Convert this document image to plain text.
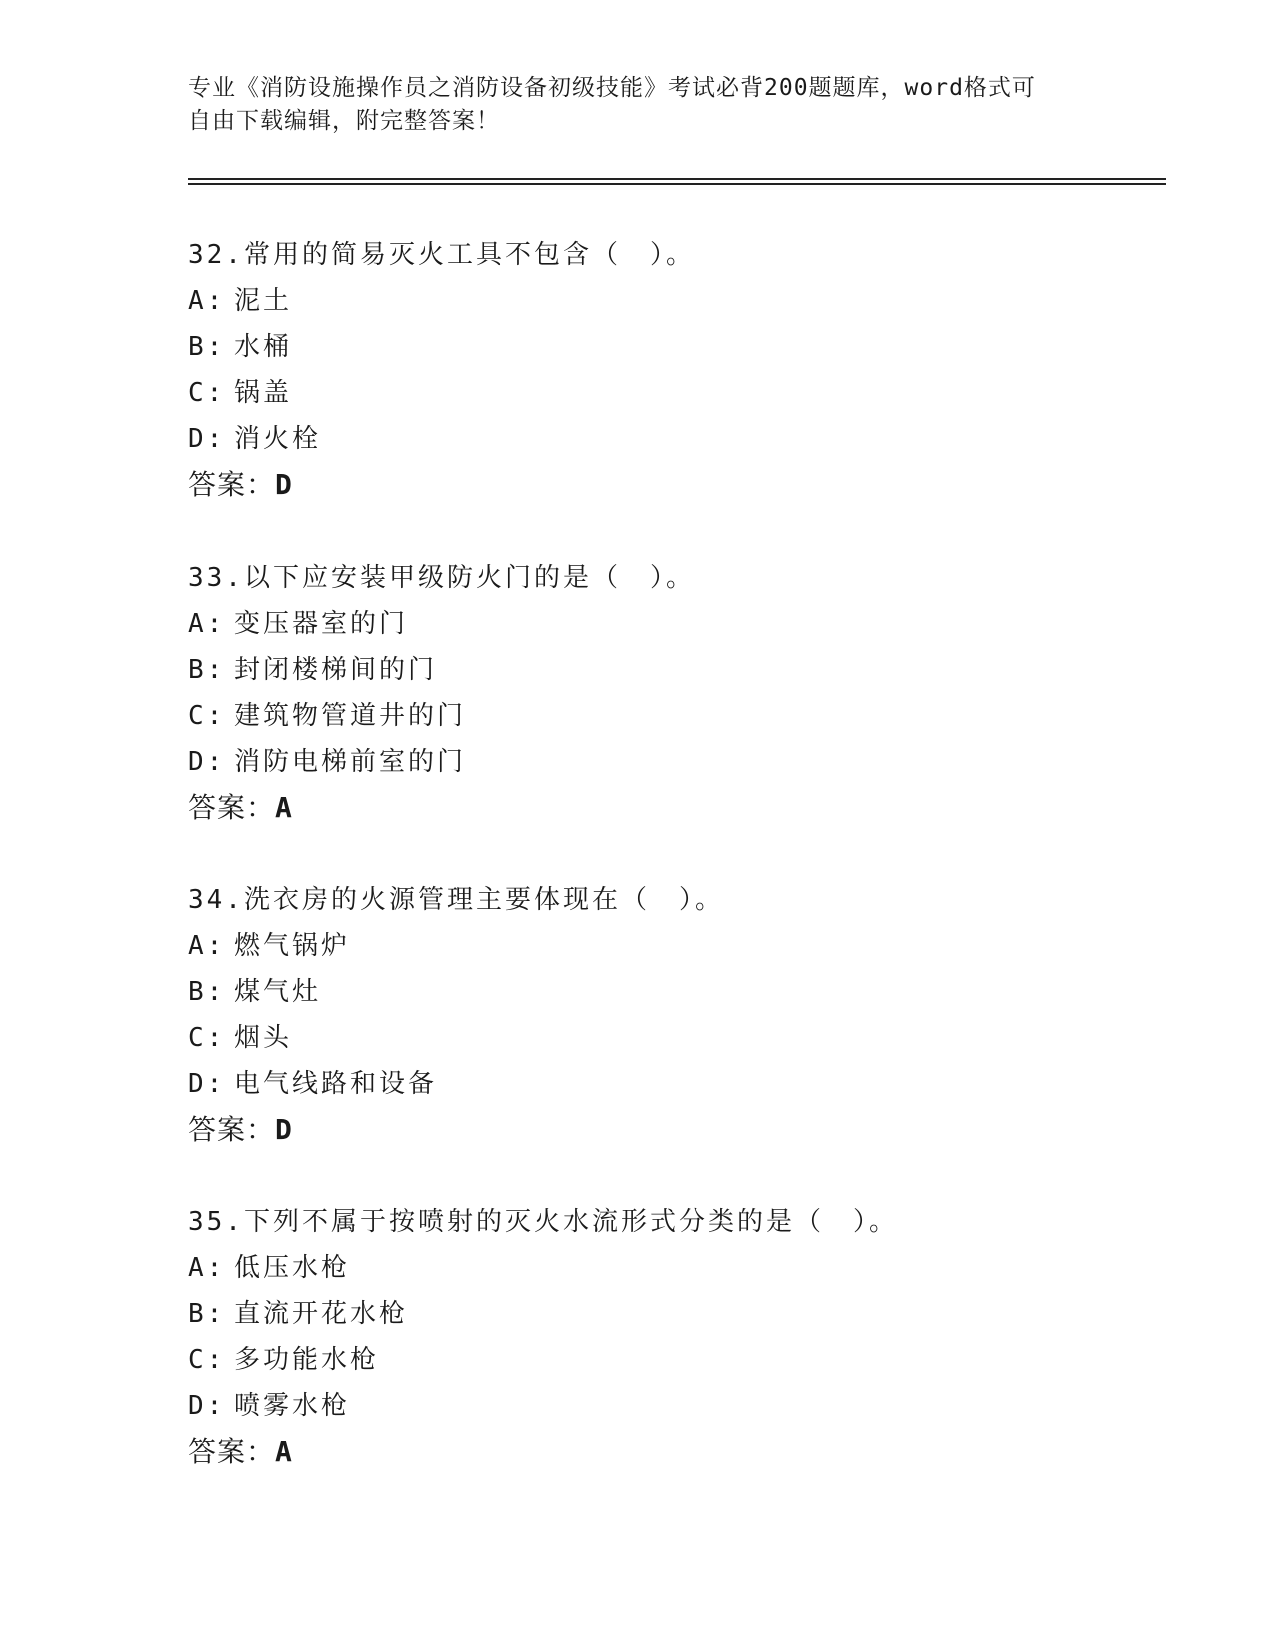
专业《消防设施操作员之消防设备初级技能》考试必背200题题库，word格式可
自由下载编辑，附完整答案！
32.常用的简易灭火工具不包含（　）。
A: 泥土
B: 水桶
C: 锅盖
D: 消火栓
答案：D
33.以下应安装甲级防火门的是（　）。
A: 变压器室的门
B: 封闭楼梯间的门
C: 建筑物管道井的门
D: 消防电梯前室的门
答案：A
34.洗衣房的火源管理主要体现在（　）。
A: 燃气锅炉
B: 煤气灶
C: 烟头
D: 电气线路和设备
答案：D
35.下列不属于按喷射的灭火水流形式分类的是（　）。
A: 低压水枪
B: 直流开花水枪
C: 多功能水枪
D: 喷雾水枪
答案：A
